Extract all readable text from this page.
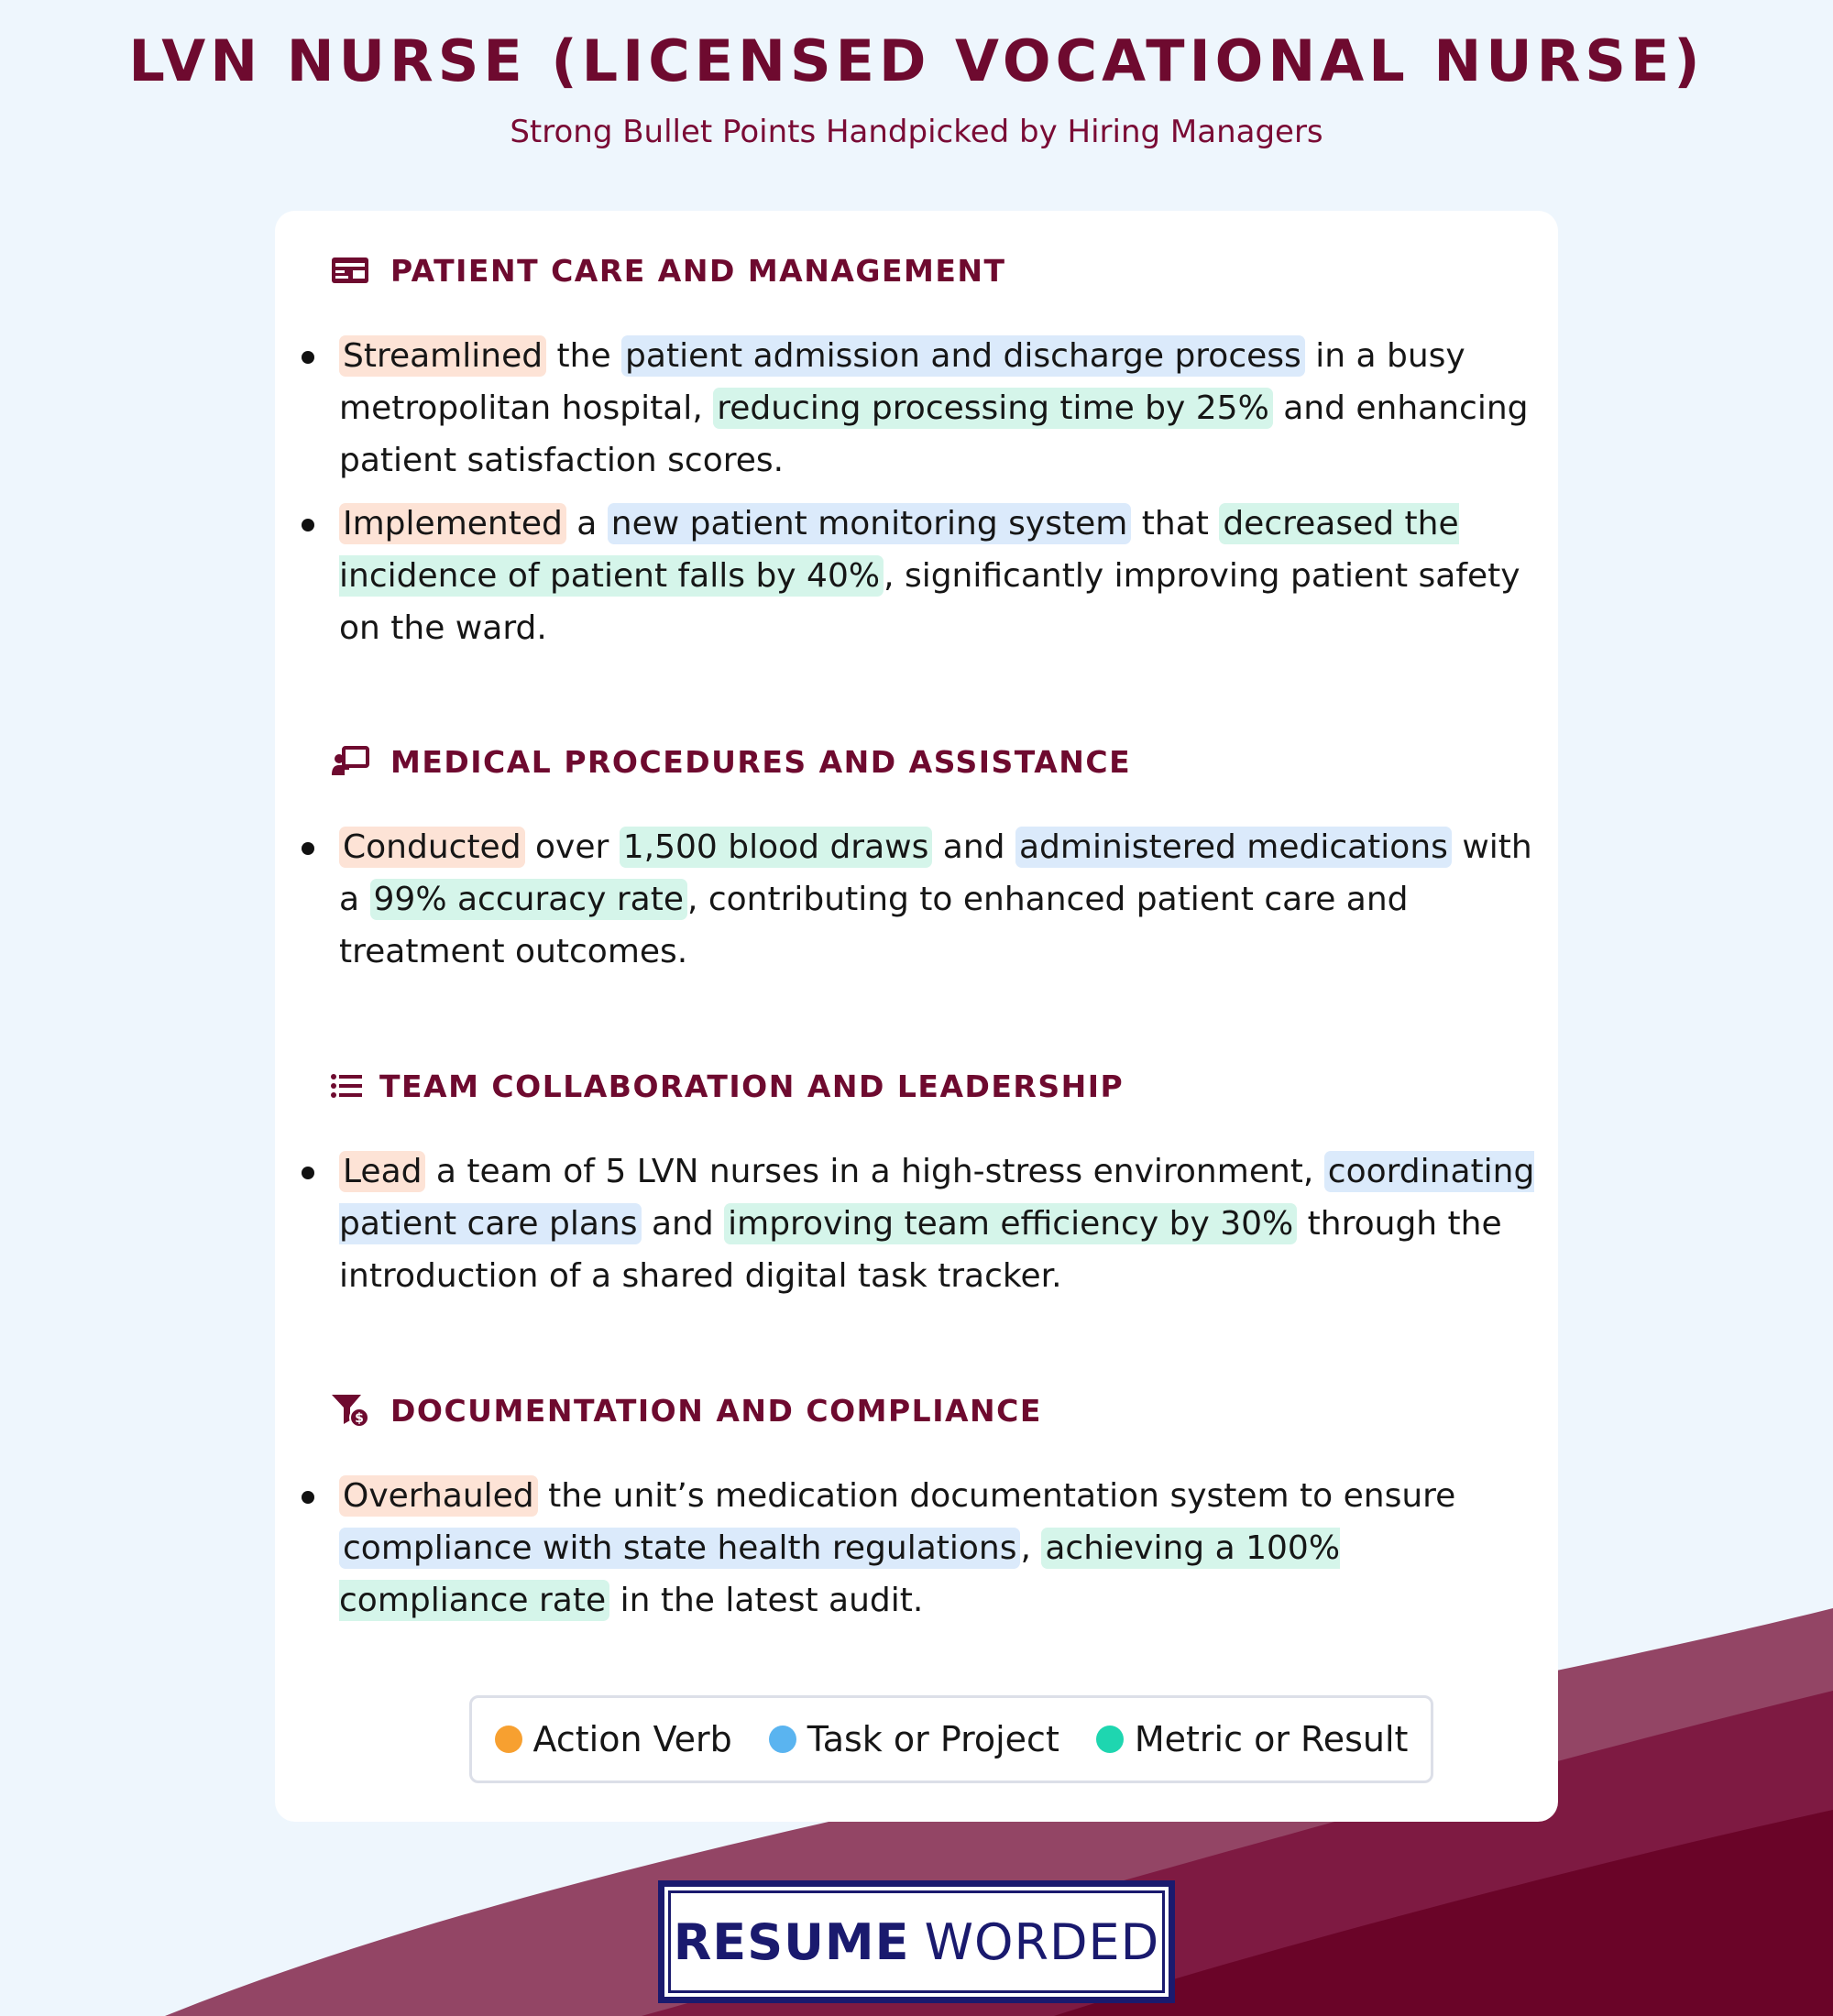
LVN NURSE (LICENSED VOCATIONAL NURSE)

Strong Bullet Points Handpicked by Hiring Managers

PATIENT CARE AND MANAGEMENT
Streamlined the patient admission and discharge process in a busy metropolitan hospital, reducing processing time by 25% and enhancing patient satisfaction scores.
Implemented a new patient monitoring system that decreased the incidence of patient falls by 40% , significantly improving patient safety on the ward.
MEDICAL PROCEDURES AND ASSISTANCE
Conducted over 1,500 blood draws and administered medications with a 99% accuracy rate , contributing to enhanced patient care and treatment outcomes.
TEAM COLLABORATION AND LEADERSHIP
Lead a team of 5 LVN nurses in a high-stress environment, coordinating patient care plans and improving team efficiency by 30% through the introduction of a shared digital task tracker.
$ DOCUMENTATION AND COMPLIANCE
Overhauled the unit’s medication documentation system to ensure compliance with state health regulations , achieving a 100% compliance rate in the latest audit.
Action Verb Task or Project Metric or Result
RESUME WORDED
